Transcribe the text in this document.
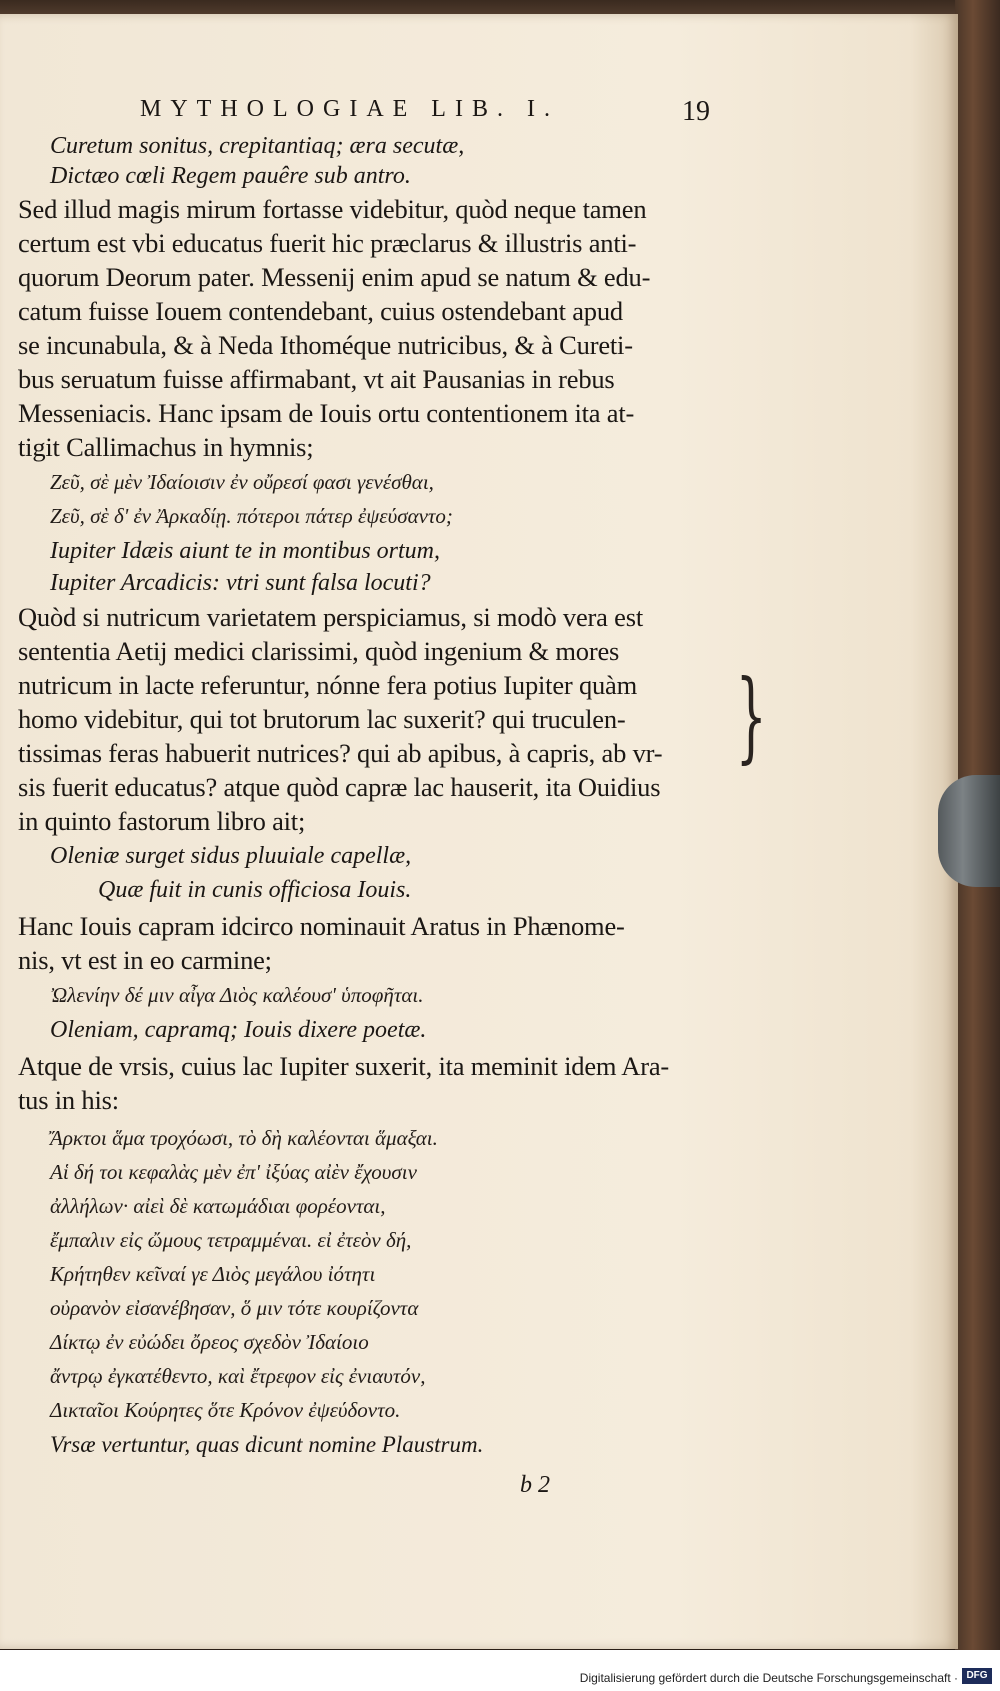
MYTHOLOGIAE LIB. I.	19
Curetum sonitus, crepitantiaq; æra secutæ,
Dictæo cœli Regem pauêre sub antro.
Sed illud magis mirum fortasse videbitur, quòd neque tamen
certum est vbi educatus fuerit hic præclarus & illustris anti-
quorum Deorum pater. Messenij enim apud se natum & edu-
catum fuisse Iouem contendebant, cuius ostendebant apud
se incunabula, & à Neda Ithoméque nutricibus, & à Cureti-
bus seruatum fuisse affirmabant, vt ait Pausanias in rebus
Messeniacis. Hanc ipsam de Iouis ortu contentionem ita at-
tigit Callimachus in hymnis;
Ζεῦ, σὲ μὲν Ἰδαίοισιν ἐν οὔρεσί φασι γενέσθαι,
Ζεῦ, σὲ δ' ἐν Ἀρκαδίῃ. πότεροι πάτερ ἐψεύσαντο;
Iupiter Idæis aiunt te in montibus ortum,
Iupiter Arcadicis: vtri sunt falsa locuti?
Quòd si nutricum varietatem perspiciamus, si modò vera est
sententia Aetij medici clarissimi, quòd ingenium & mores
nutricum in lacte referuntur, nónne fera potius Iupiter quàm
homo videbitur, qui tot brutorum lac suxerit? qui truculen-
tissimas feras habuerit nutrices? qui ab apibus, à capris, ab vr-
sis fuerit educatus? atque quòd capræ lac hauserit, ita Ouidius
in quinto fastorum libro ait;
Oleniæ surget sidus pluuiale capellæ,
Quæ fuit in cunis officiosa Iouis.
Hanc Iouis capram idcirco nominauit Aratus in Phænome-
nis, vt est in eo carmine;
Ὠλενίην δέ μιν αἶγα Διὸς καλέουσ' ὑποφῆται.
Oleniam, capramq; Iouis dixere poetæ.
Atque de vrsis, cuius lac Iupiter suxerit, ita meminit idem Ara-
tus in his:
Ἄρκτοι ἅμα τροχόωσι, τὸ δὴ καλέονται ἅμαξαι.
Αἱ δή τοι κεφαλὰς μὲν ἐπ' ἰξύας αἰὲν ἔχουσιν
ἀλλήλων· αἰεὶ δὲ κατωμάδιαι φορέονται,
ἔμπαλιν εἰς ὤμους τετραμμέναι. εἰ ἐτεὸν δή,
Κρήτηθεν κεῖναί γε Διὸς μεγάλου ἰότητι
οὐρανὸν εἰσανέβησαν, ὅ μιν τότε κουρίζοντα
Δίκτῳ ἐν εὐώδει ὄρεος σχεδὸν Ἰδαίοιο
ἄντρῳ ἐγκατέθεντο, καὶ ἔτρεφον εἰς ἐνιαυτόν,
Δικταῖοι Κούρητες ὅτε Κρόνον ἐψεύδοντο.
Vrsæ vertuntur, quas dicunt nomine Plaustrum.
}
b 2
Digitalisierung gefördert durch die Deutsche Forschungsgemeinschaft · DFG
